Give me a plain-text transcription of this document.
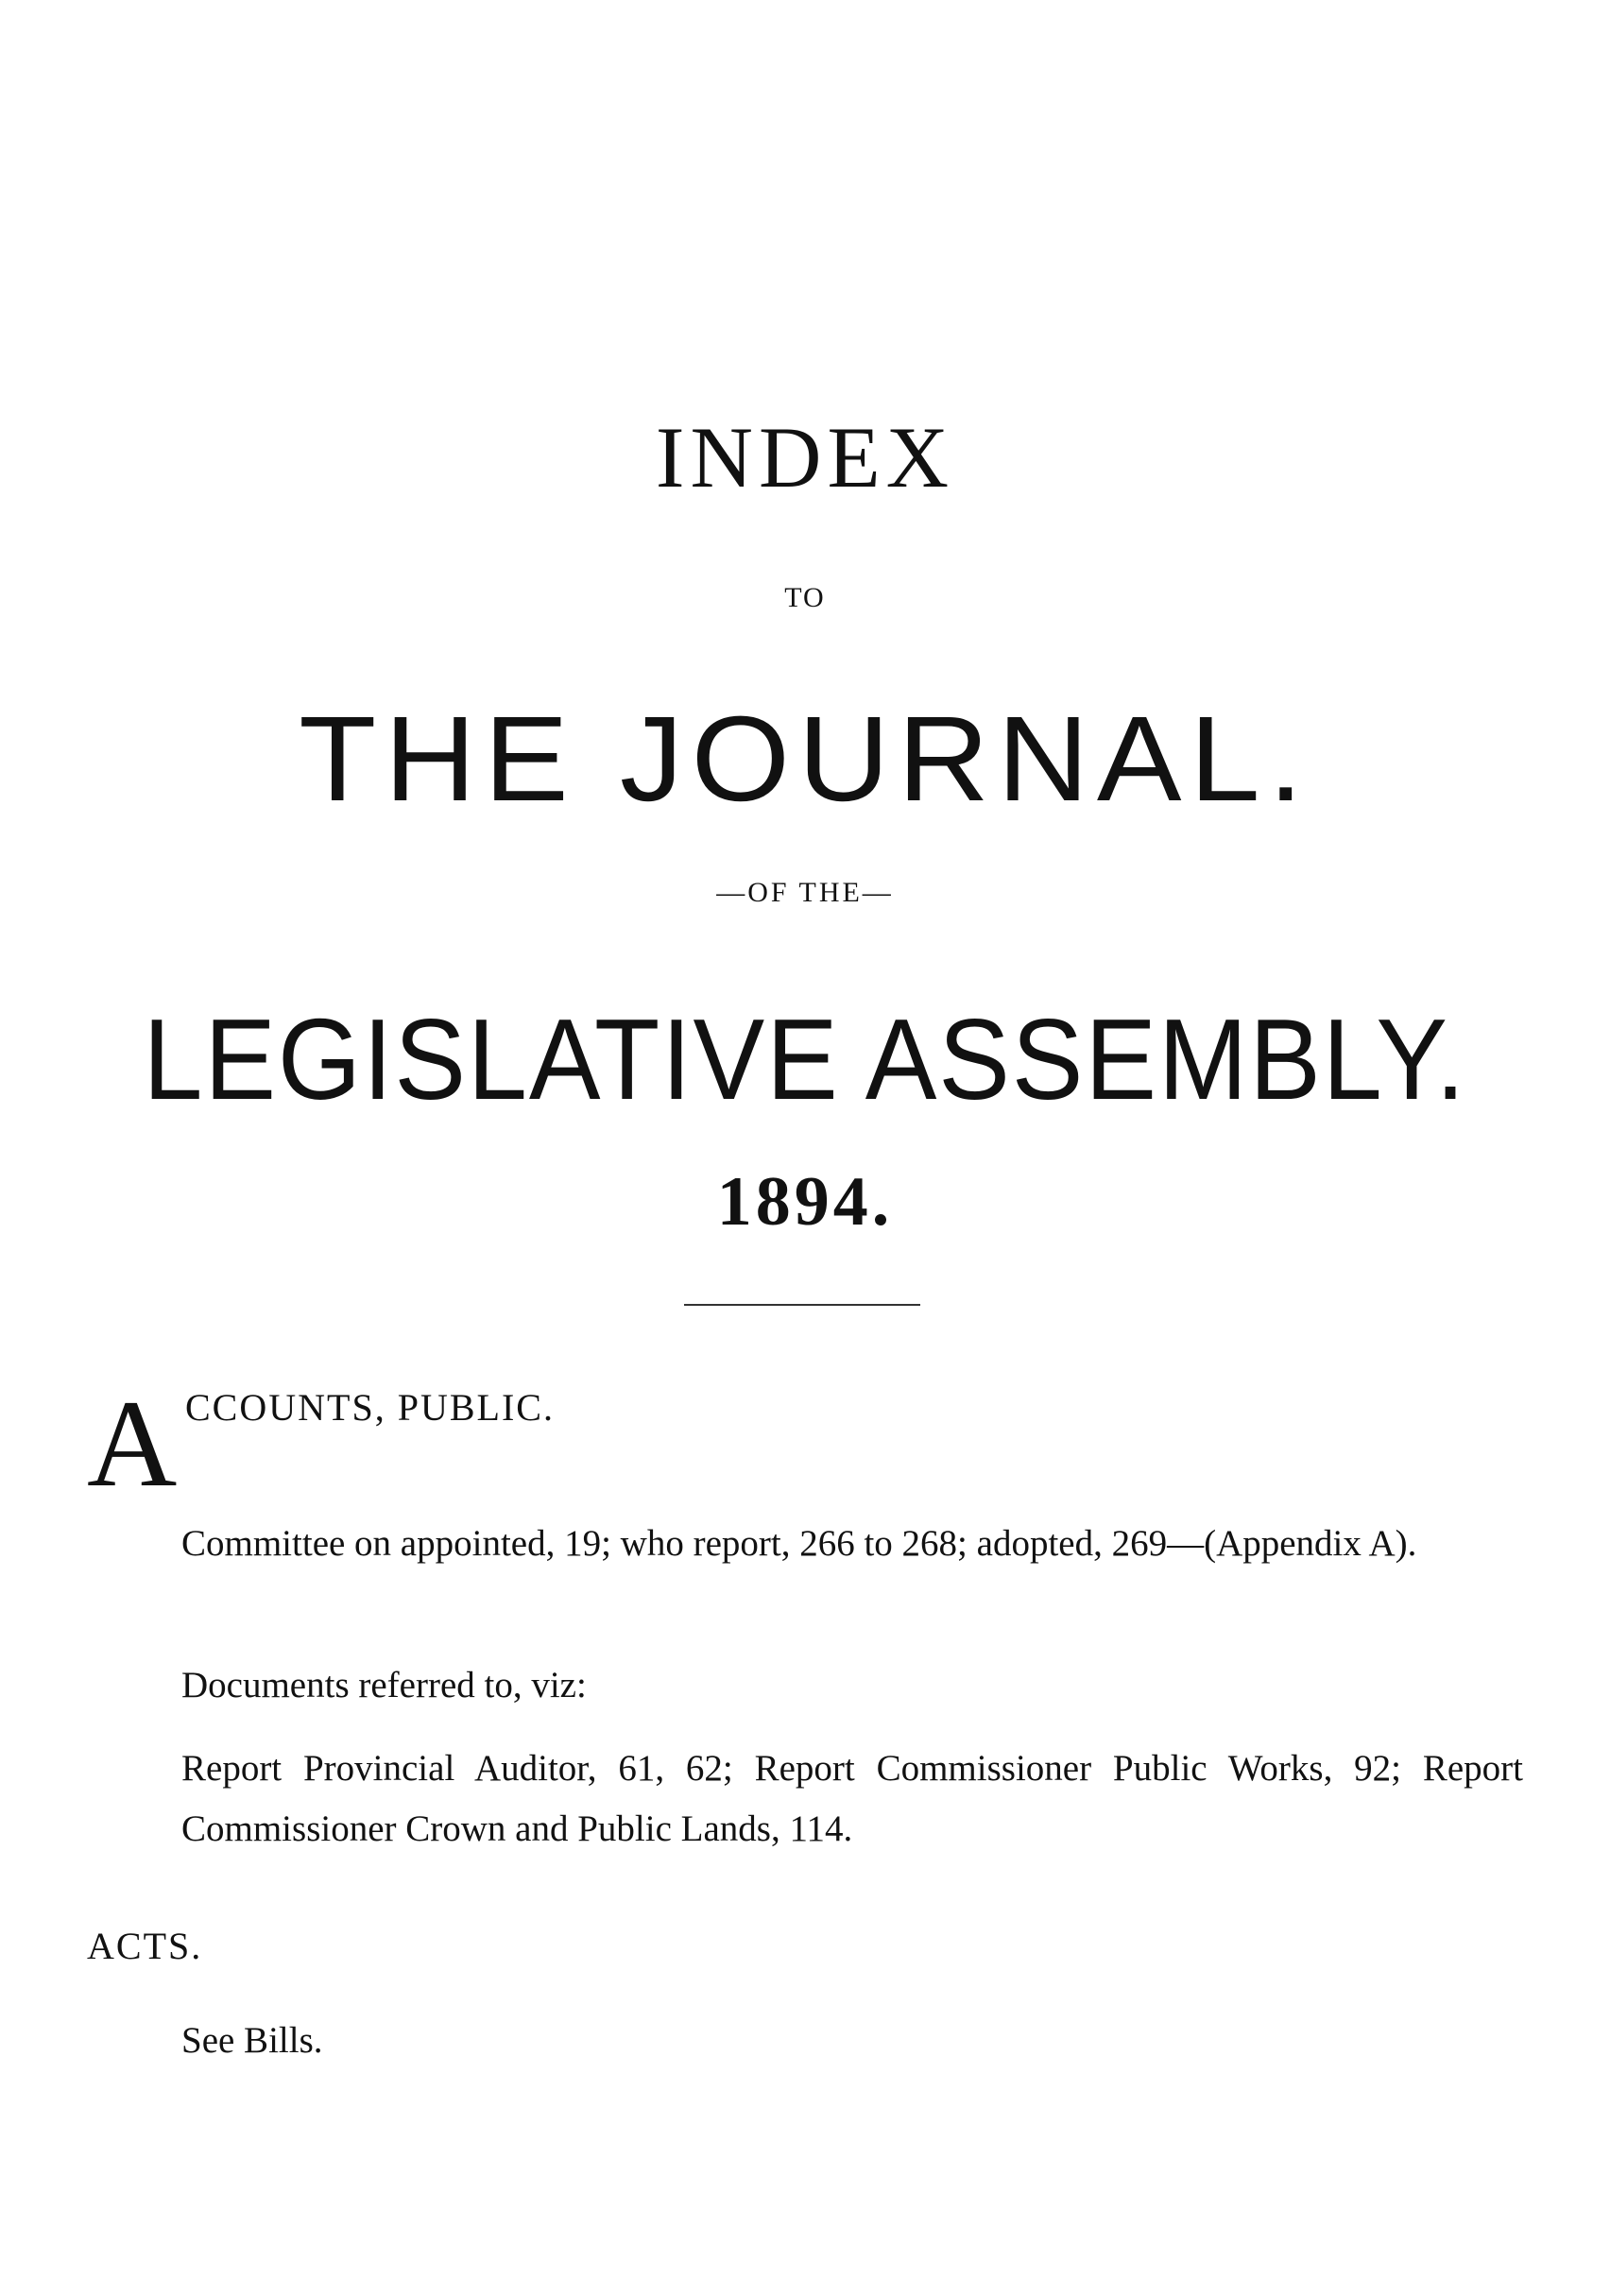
INDEX
TO
THE JOURNAL.
—OF THE—
LEGISLATIVE ASSEMBLY.
1894.
A CCOUNTS, PUBLIC.
Committee on appointed, 19; who report, 266 to 268; adopted, 269—(Appendix A).
Documents referred to, viz:
Report Provincial Auditor, 61, 62; Report Commissioner Public Works, 92; Report Commissioner Crown and Public Lands, 114.
ACTS.
See Bills.
